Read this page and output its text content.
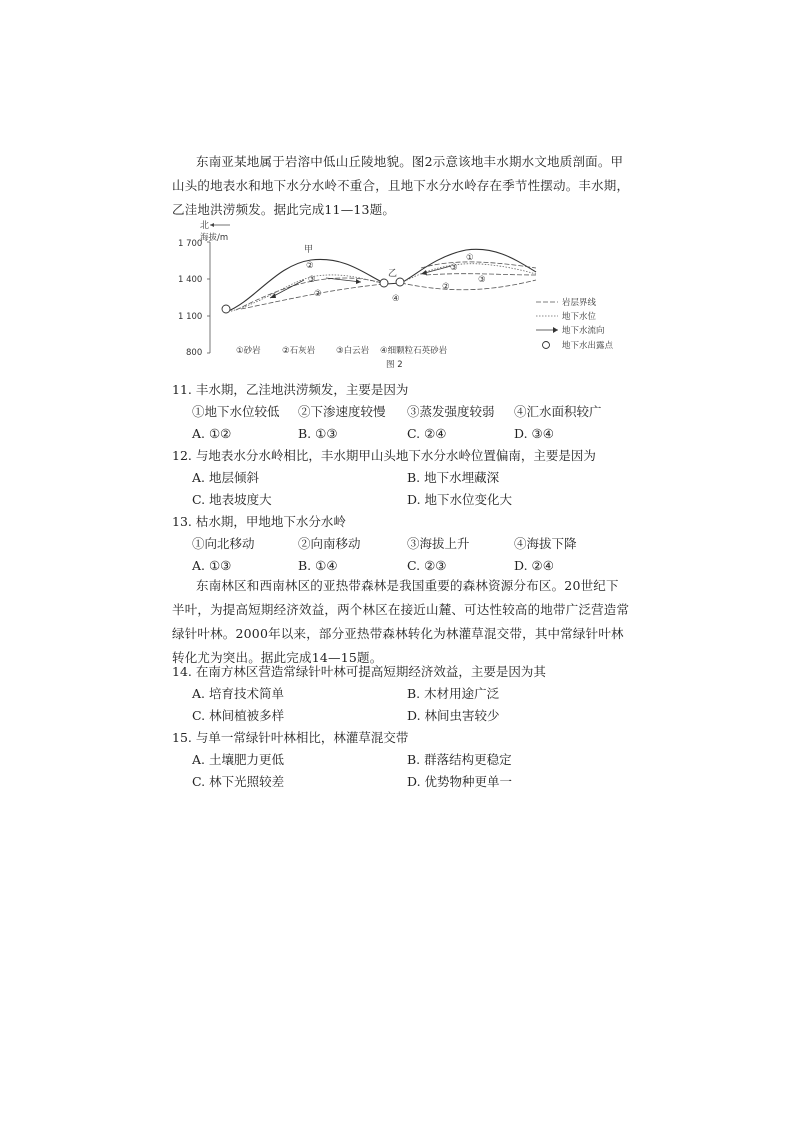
东南亚某地属于岩溶中低山丘陵地貌。图2示意该地丰水期水文地质剖面。甲山头的地表水和地下水分水岭不重合，且地下水分水岭存在季节性摆动。丰水期，乙洼地洪涝频发。据此完成11—13题。
北
海拔/m
1 700
1 400
1 100
800
甲
乙
②
③
②	④
①
③
③
②
岩层界线
地下水位
地下水流向
地下水出露点
①砂岩	②石灰岩 ③白云岩 ④细颗粒石英砂岩
图 2
11. 丰水期，乙洼地洪涝频发，主要是因为
①地下水位较低 ②下渗速度较慢 ③蒸发强度较弱 ④汇水面积较广
A. ①②	B. ①③	C. ②④	D. ③④
12. 与地表水分水岭相比，丰水期甲山头地下水分水岭位置偏南，主要是因为
A. 地层倾斜	B. 地下水埋藏深
C. 地表坡度大	D. 地下水位变化大
13. 枯水期，甲地地下水分水岭
①向北移动	②向南移动	③海拔上升	④海拔下降
A. ①③	B. ①④	C. ②③	D. ②④
东南林区和西南林区的亚热带森林是我国重要的森林资源分布区。20世纪下半叶，为提高短期经济效益，两个林区在接近山麓、可达性较高的地带广泛营造常绿针叶林。2000年以来，部分亚热带森林转化为林灌草混交带，其中常绿针叶林转化尤为突出。据此完成14—15题。
14. 在南方林区营造常绿针叶林可提高短期经济效益，主要是因为其
A. 培育技术简单	B. 木材用途广泛
C. 林间植被多样	D. 林间虫害较少
15. 与单一常绿针叶林相比，林灌草混交带
A. 土壤肥力更低	B. 群落结构更稳定
C. 林下光照较差	D. 优势物种更单一
